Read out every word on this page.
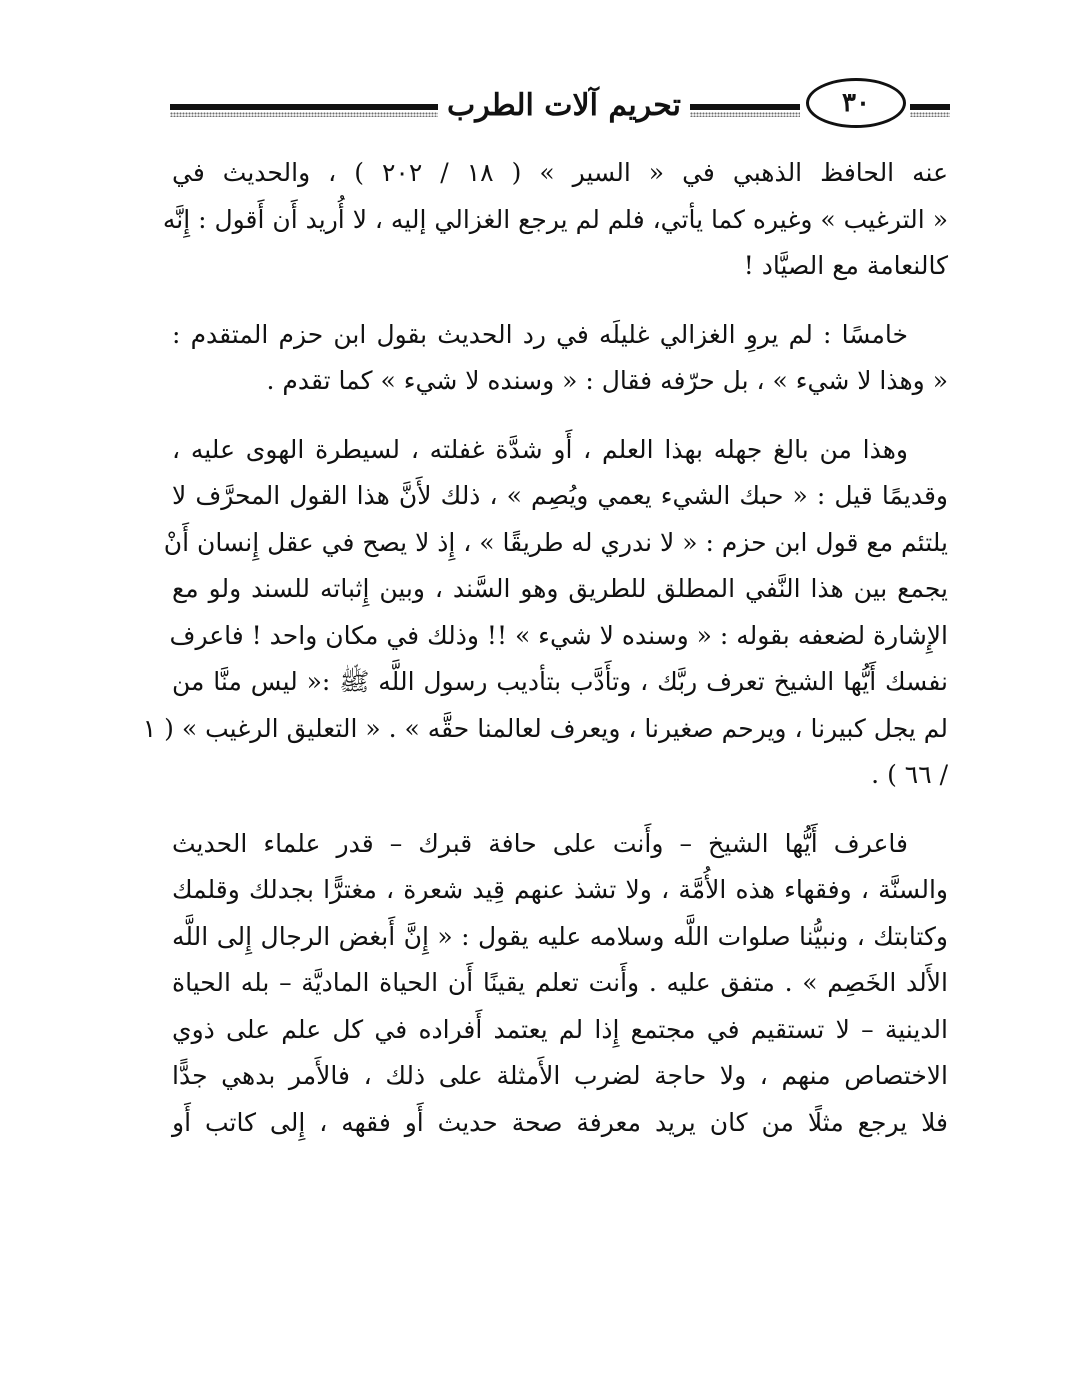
تحريم آلات الطرب	٣٠
عنه الحافظ الذهبي في « السير » ( ١٨ / ٢٠٢ ) ، والحديث في
« الترغيب » وغيره كما يأتي، فلم لم يرجع الغزالي إليه ، لا أُريد أَن أَقول : إِنَّه
كالنعامة مع الصيَّاد !
خامسًا : لم يروِ الغزالي غليلَه في رد الحديث بقول ابن حزم المتقدم :
« وهذا لا شيء » ، بل حرّفه فقال : « وسنده لا شيء » كما تقدم .
وهذا من بالغ جهله بهذا العلم ، أَو شدَّة غفلته ، لسيطرة الهوى عليه ،
وقديمًا قيل : « حبك الشيء يعمي ويُصِم » ، ذلك لأَنَّ هذا القول المحرَّف لا
يلتئم مع قول ابن حزم : « لا ندري له طريقًا » ، إِذ لا يصح في عقل إِنسان أَنْ
يجمع بين هذا النَّفي المطلق للطريق وهو السَّند ، وبين إِثباته للسند ولو مع
الإِشارة لضعفه بقوله : « وسنده لا شيء » !! وذلك في مكان واحد ! فاعرف
نفسك أَيُّها الشيخ تعرف ربَّك ، وتأَدَّب بتأديب رسول اللَّه ﷺ :« ليس منَّا من
لم يجل كبيرنا ، ويرحم صغيرنا ، ويعرف لعالمنا حقَّه » . « التعليق الرغيب » ( ١
/ ٦٦ ) .
فاعرف أَيُّها الشيخ – وأَنت على حافة قبرك – قدر علماء الحديث
والسنَّة ، وفقهاء هذه الأُمَّة ، ولا تشذ عنهم قِيد شعرة ، مغترًّا بجدلك وقلمك
وكتابتك ، ونبيُّنا صلوات اللَّه وسلامه عليه يقول : « إِنَّ أَبغض الرجال إِلى اللَّه
الأَلد الخَصِم » . متفق عليه . وأَنت تعلم يقينًا أَن الحياة الماديَّة – بله الحياة
الدينية – لا تستقيم في مجتمع إِذا لم يعتمد أَفراده في كل علم على ذوي
الاختصاص منهم ، ولا حاجة لضرب الأَمثلة على ذلك ، فالأَمر بدهي جدًّا
فلا يرجع مثلًا من كان يريد معرفة صحة حديث أَو فقهه ، إِلى كاتب أَو
